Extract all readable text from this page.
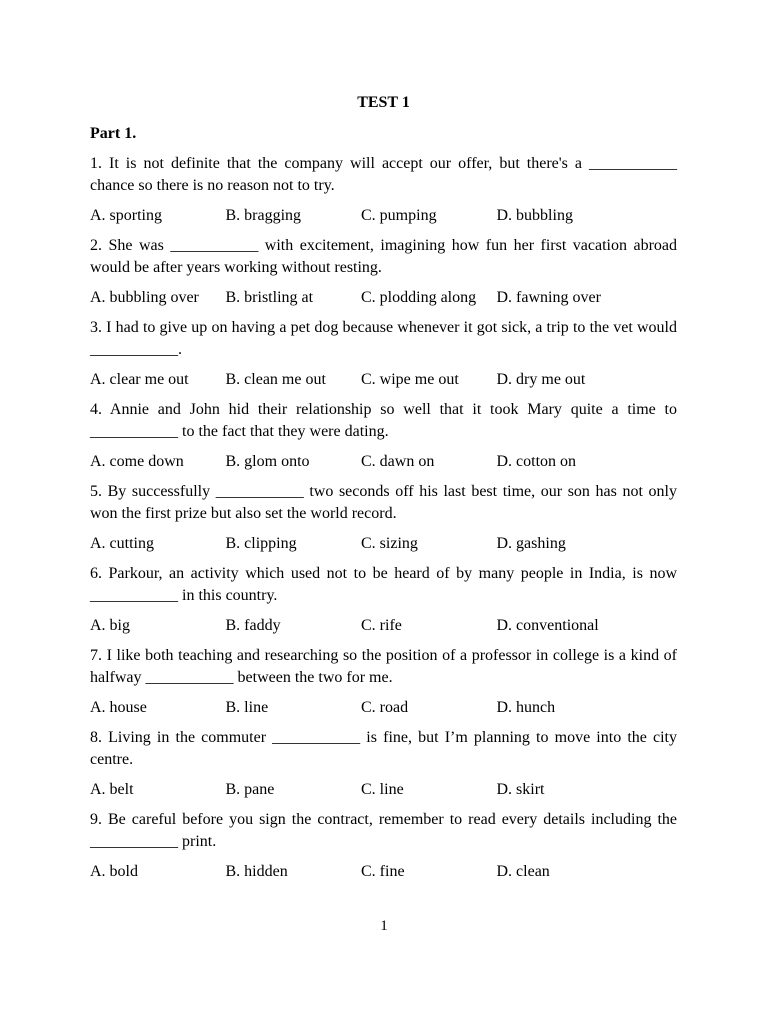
TEST 1
Part 1.
1. It is not definite that the company will accept our offer, but there's a ___________ chance so there is no reason not to try.
A. sporting	B. bragging	C. pumping	D. bubbling
2. She was ___________ with excitement, imagining how fun her first vacation abroad would be after years working without resting.
A. bubbling over	B. bristling at	C. plodding along	D. fawning over
3. I had to give up on having a pet dog because whenever it got sick, a trip to the vet would ___________.
A. clear me out	B. clean me out	C. wipe me out	D. dry me out
4. Annie and John hid their relationship so well that it took Mary quite a time to ___________ to the fact that they were dating.
A. come down	B. glom onto	C. dawn on	D. cotton on
5. By successfully ___________ two seconds off his last best time, our son has not only won the first prize but also set the world record.
A. cutting	B. clipping	C. sizing	D. gashing
6. Parkour, an activity which used not to be heard of by many people in India, is now ___________ in this country.
A. big	B. faddy	C. rife	D. conventional
7. I like both teaching and researching so the position of a professor in college is a kind of halfway ___________ between the two for me.
A. house	B. line	C. road	D. hunch
8. Living in the commuter ___________ is fine, but I’m planning to move into the city centre.
A. belt	B. pane	C. line	D. skirt
9. Be careful before you sign the contract, remember to read every details including the ___________ print.
A. bold	B. hidden	C. fine	D. clean
1
